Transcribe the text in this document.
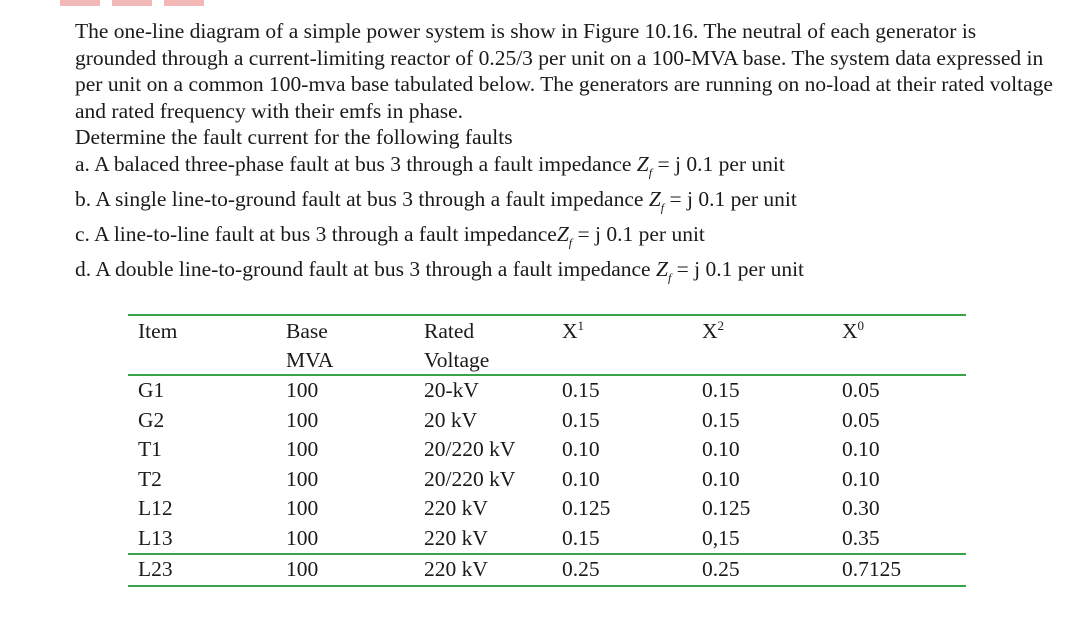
The one-line diagram of a simple power system is show in Figure 10.16. The neutral of each generator is grounded through a current-limiting reactor of 0.25/3 per unit on a 100-MVA base. The system data expressed in per unit on a common 100-mva base tabulated below. The generators are running on no-load at their rated voltage and rated frequency with their emfs in phase.

Determine the fault current for the following faults

a. A balaced three-phase fault at bus 3 through a fault impedance $Z_f = j$ 0.1 per unit

b. A single line-to-ground fault at bus 3 through a fault impedance $Z_f = j$ 0.1 per unit

c. A line-to-line fault at bus 3 through a fault impedanceZ$_f$ = j 0.1 per unit

d. A double line-to-ground fault at bus 3 through a fault impedance $Z_f = j$ 0.1 per unit

Item	Base	Rated	$X^1$	$X^2$	$X^0$
	MVA	Voltage			
G1	100	20-kV	0.15	0.15	0.05
G2	100	20 kV	0.15	0.15	0.05
T1	100	20/220 kV	0.10	0.10	0.10
T2	100	20/220 kV	0.10	0.10	0.10
L12	100	220 kV	0.125	0.125	0.30
L13	100	220 kV	0.15	0,15	0.35
L23	100	220 kV	0.25	0.25	0.7125
